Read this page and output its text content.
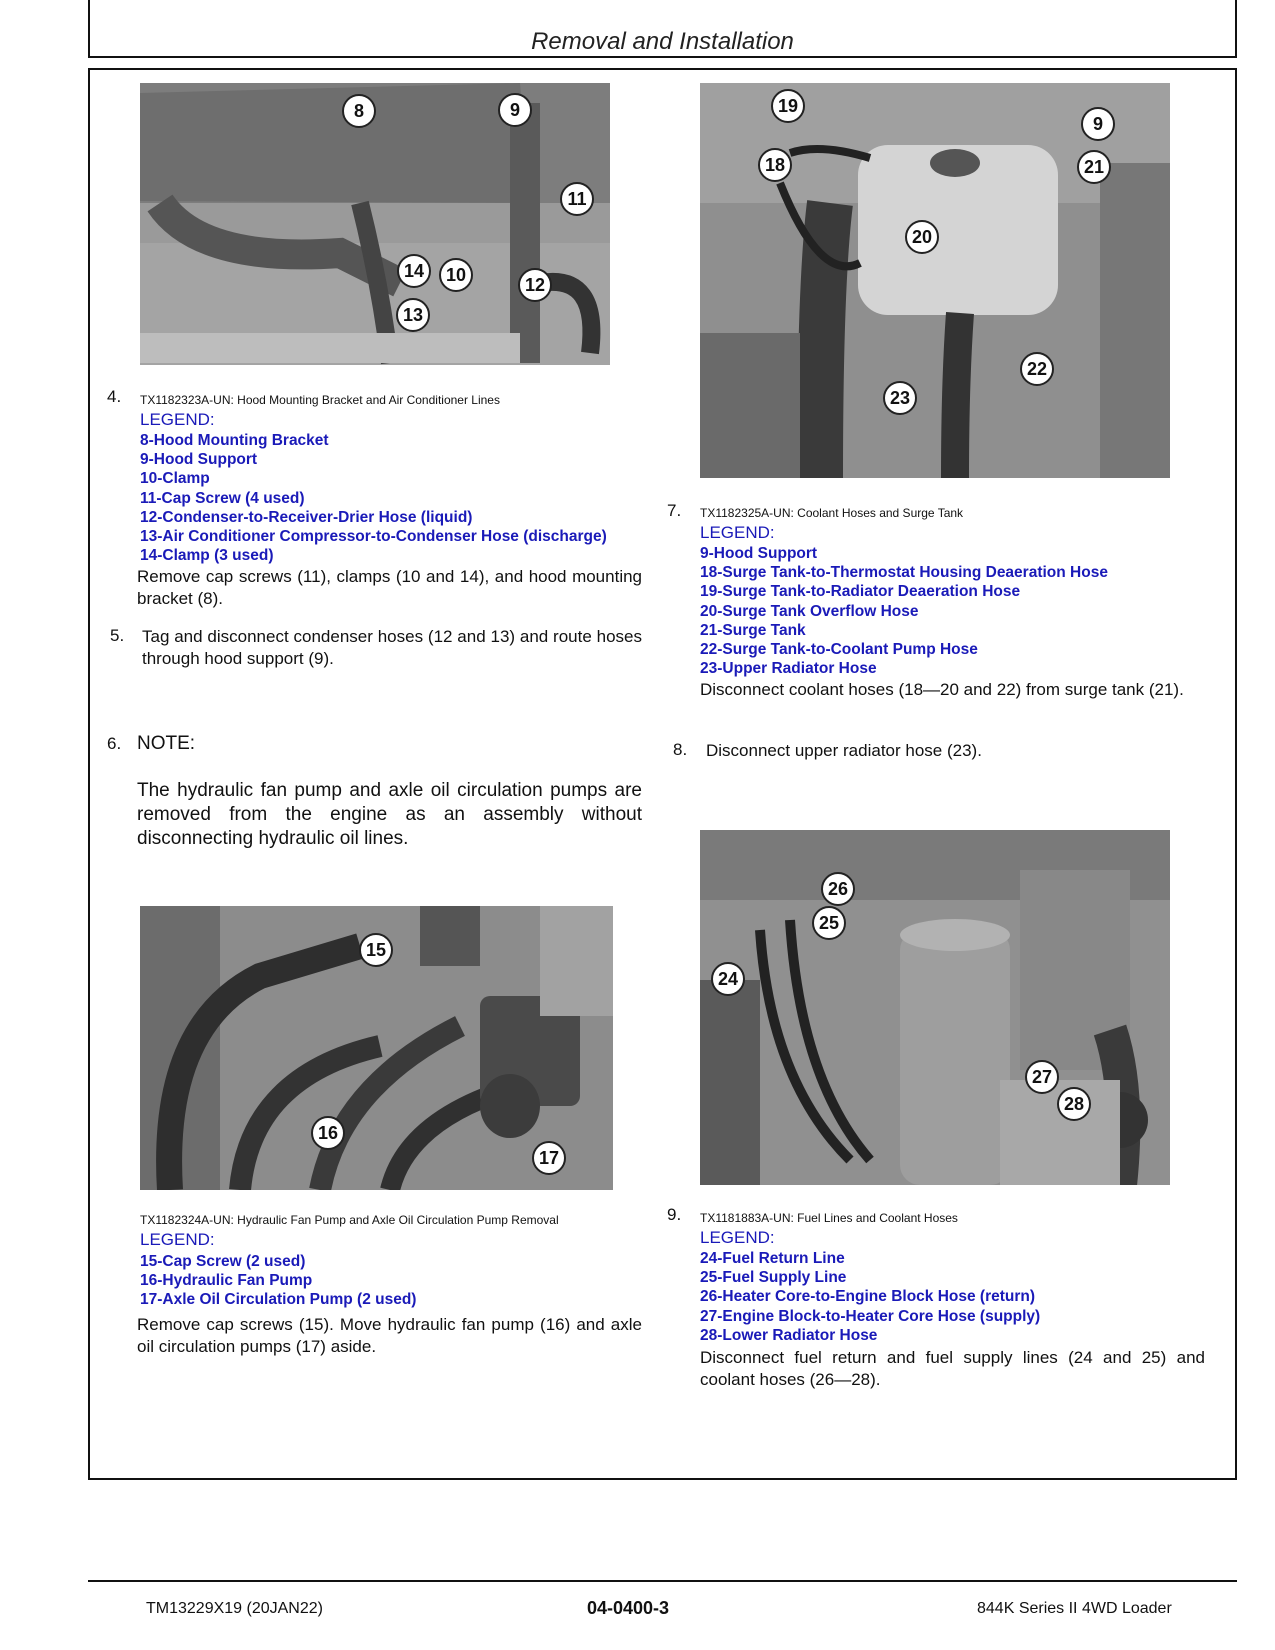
Removal and Installation
8	9
11
14	10	12
13
4. TX1182323A-UN: Hood Mounting Bracket and Air Conditioner Lines
LEGEND:
8-Hood Mounting Bracket
9-Hood Support
10-Clamp
11-Cap Screw (4 used)
12-Condenser-to-Receiver-Drier Hose (liquid)
13-Air Conditioner Compressor-to-Condenser Hose (discharge)
14-Clamp (3 used)
Remove cap screws (11), clamps (10 and 14), and hood mounting bracket (8).
5. Tag and disconnect condenser hoses (12 and 13) and route hoses through hood support (9).
6. NOTE:
The hydraulic fan pump and axle oil circulation pumps are removed from the engine as an assembly without disconnecting hydraulic oil lines.
15
16
17
TX1182324A-UN: Hydraulic Fan Pump and Axle Oil Circulation Pump Removal
LEGEND:
15-Cap Screw (2 used)
16-Hydraulic Fan Pump
17-Axle Oil Circulation Pump (2 used)
Remove cap screws (15). Move hydraulic fan pump (16) and axle oil circulation pumps (17) aside.
19
9
18	21
20
22
23
7. TX1182325A-UN: Coolant Hoses and Surge Tank
LEGEND:
9-Hood Support
18-Surge Tank-to-Thermostat Housing Deaeration Hose
19-Surge Tank-to-Radiator Deaeration Hose
20-Surge Tank Overflow Hose
21-Surge Tank
22-Surge Tank-to-Coolant Pump Hose
23-Upper Radiator Hose
Disconnect coolant hoses (18—20 and 22) from surge tank (21).
8. Disconnect upper radiator hose (23).
26
25
24
27
28
9. TX1181883A-UN: Fuel Lines and Coolant Hoses
LEGEND:
24-Fuel Return Line
25-Fuel Supply Line
26-Heater Core-to-Engine Block Hose (return)
27-Engine Block-to-Heater Core Hose (supply)
28-Lower Radiator Hose
Disconnect fuel return and fuel supply lines (24 and 25) and coolant hoses (26—28).
TM13229X19 (20JAN22)	04-0400-3	844K Series II 4WD Loader
